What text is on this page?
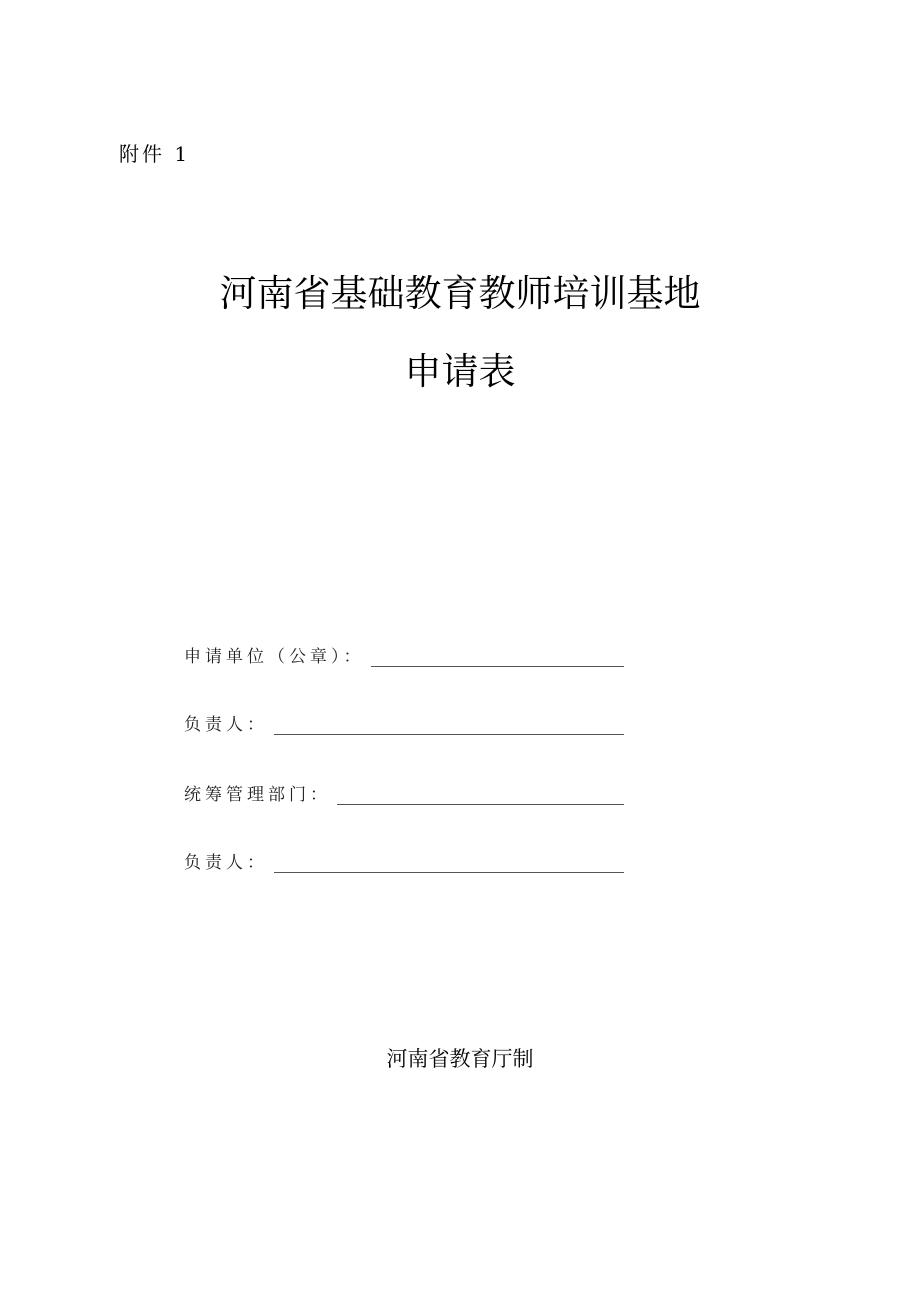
附件 1
河南省基础教育教师培训基地
申请表
申请单位（公章）：
负责人：
统筹管理部门：
负责人：
河南省教育厅制
